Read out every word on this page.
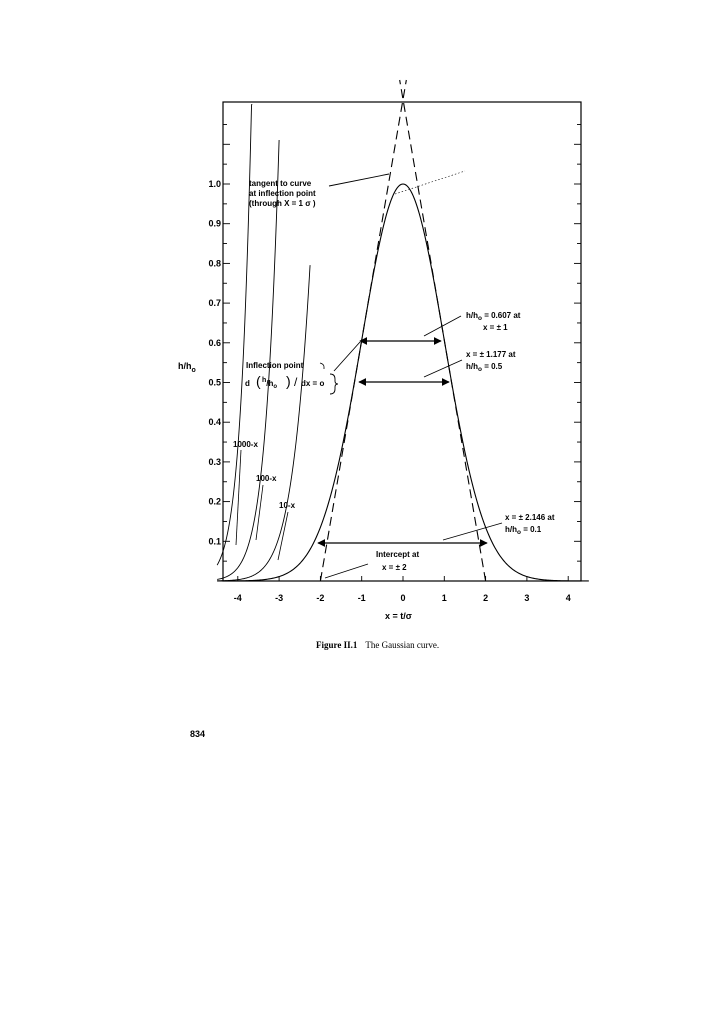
-4	-3	-2	-1	0	1	2	3	4
0.1
0.2
0.3
0.4
0.5
0.6
0.7
0.8
0.9
1.0
$h/h_o$
x = t/σ
tangent to curve at inflection point (through X = 1 σ )
$h/h_o = 0.607$ at
x = ± 1
x = ± 1.177 at
$h/h_o = 0.5$
Inflection point
d ( $h/h_o$ ) / dx = o
x = ± 2.146 at
$h/h_o = 0.1$
Intercept at
x = ± 2
1000-x
100-x
10-x
Figure II.1 The Gaussian curve.
834
